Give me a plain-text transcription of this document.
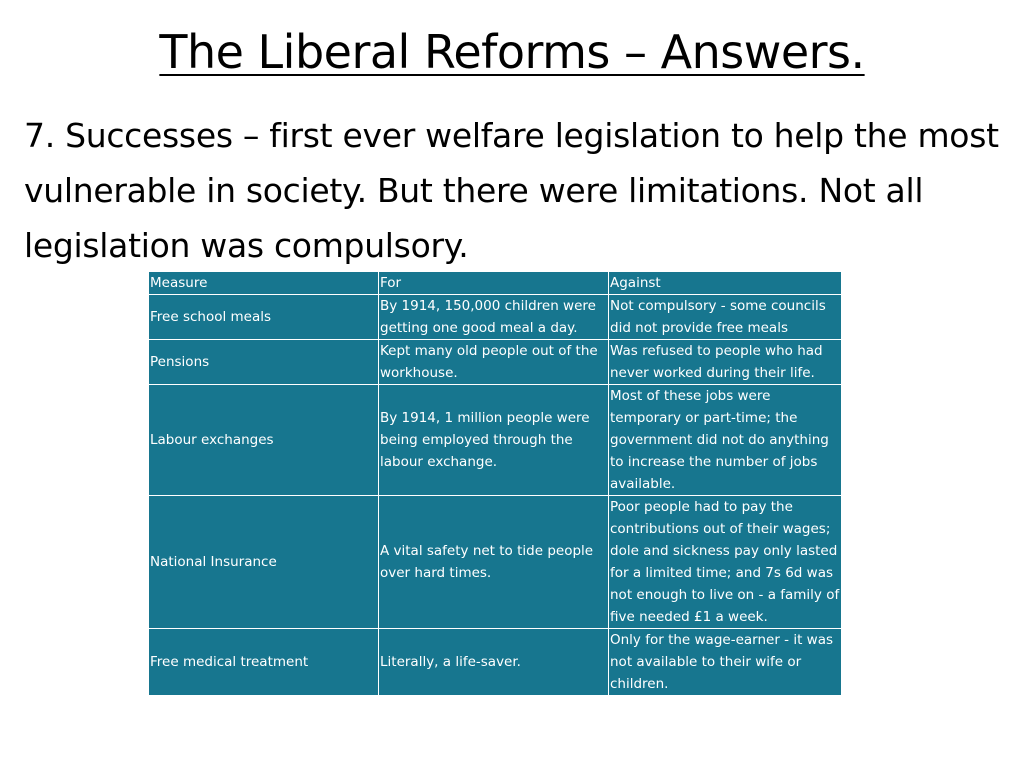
The Liberal Reforms – Answers.
7. Successes – first ever welfare legislation to help the most vulnerable in society. But there were limitations. Not all legislation was compulsory.
Measure	For	Against
Free school meals	By 1914, 150,000 children were getting one good meal a day.	Not compulsory - some councils did not provide free meals
Pensions	Kept many old people out of the workhouse.	Was refused to people who had never worked during their life.
Labour exchanges	By 1914, 1 million people were being employed through the labour exchange.	Most of these jobs were temporary or part-time; the government did not do anything to increase the number of jobs available.
National Insurance	A vital safety net to tide people over hard times.	Poor people had to pay the contributions out of their wages; dole and sickness pay only lasted for a limited time; and 7s 6d was not enough to live on - a family of five needed £1 a week.
Free medical treatment	Literally, a life-saver.	Only for the wage-earner - it was not available to their wife or children.
